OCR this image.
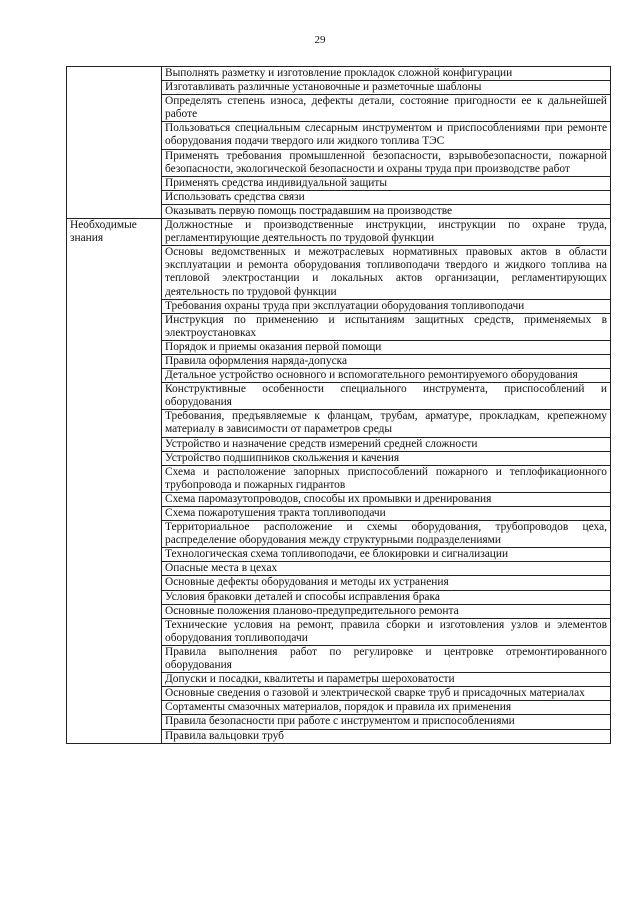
29
	Выполнять разметку и изготовление прокладок сложной конфигурации
	Изготавливать различные установочные и разметочные шаблоны
	Определять степень износа, дефекты детали, состояние пригодности ее к дальнейшей работе
	Пользоваться специальным слесарным инструментом и приспособлениями при ремонте оборудования подачи твердого или жидкого топлива ТЭС
	Применять требования промышленной безопасности, взрывобезопасности, пожарной безопасности, экологической безопасности и охраны труда при производстве работ
	Применять средства индивидуальной защиты
	Использовать средства связи
	Оказывать первую помощь пострадавшим на производстве
Необходимые знания	Должностные и производственные инструкции, инструкции по охране труда, регламентирующие деятельность по трудовой функции
	Основы ведомственных и межотраслевых нормативных правовых актов в области эксплуатации и ремонта оборудования топливоподачи твердого и жидкого топлива на тепловой электростанции и локальных актов организации, регламентирующих деятельность по трудовой функции
	Требования охраны труда при эксплуатации оборудования топливоподачи
	Инструкция по применению и испытаниям защитных средств, применяемых в электроустановках
	Порядок и приемы оказания первой помощи
	Правила оформления наряда-допуска
	Детальное устройство основного и вспомогательного ремонтируемого оборудования
	Конструктивные особенности специального инструмента, приспособлений и оборудования
	Требования, предъявляемые к фланцам, трубам, арматуре, прокладкам, крепежному материалу в зависимости от параметров среды
	Устройство и назначение средств измерений средней сложности
	Устройство подшипников скольжения и качения
	Схема и расположение запорных приспособлений пожарного и теплофикационного трубопровода и пожарных гидрантов
	Схема паромазутопроводов, способы их промывки и дренирования
	Схема пожаротушения тракта топливоподачи
	Территориальное расположение и схемы оборудования, трубопроводов цеха, распределение оборудования между структурными подразделениями
	Технологическая схема топливоподачи, ее блокировки и сигнализации
	Опасные места в цехах
	Основные дефекты оборудования и методы их устранения
	Условия браковки деталей и способы исправления брака
	Основные положения планово-предупредительного ремонта
	Технические условия на ремонт, правила сборки и изготовления узлов и элементов оборудования топливоподачи
	Правила выполнения работ по регулировке и центровке отремонтированного оборудования
	Допуски и посадки, квалитеты и параметры шероховатости
	Основные сведения о газовой и электрической сварке труб и присадочных материалах
	Сортаменты смазочных материалов, порядок и правила их применения
	Правила безопасности при работе с инструментом и приспособлениями
	Правила вальцовки труб
